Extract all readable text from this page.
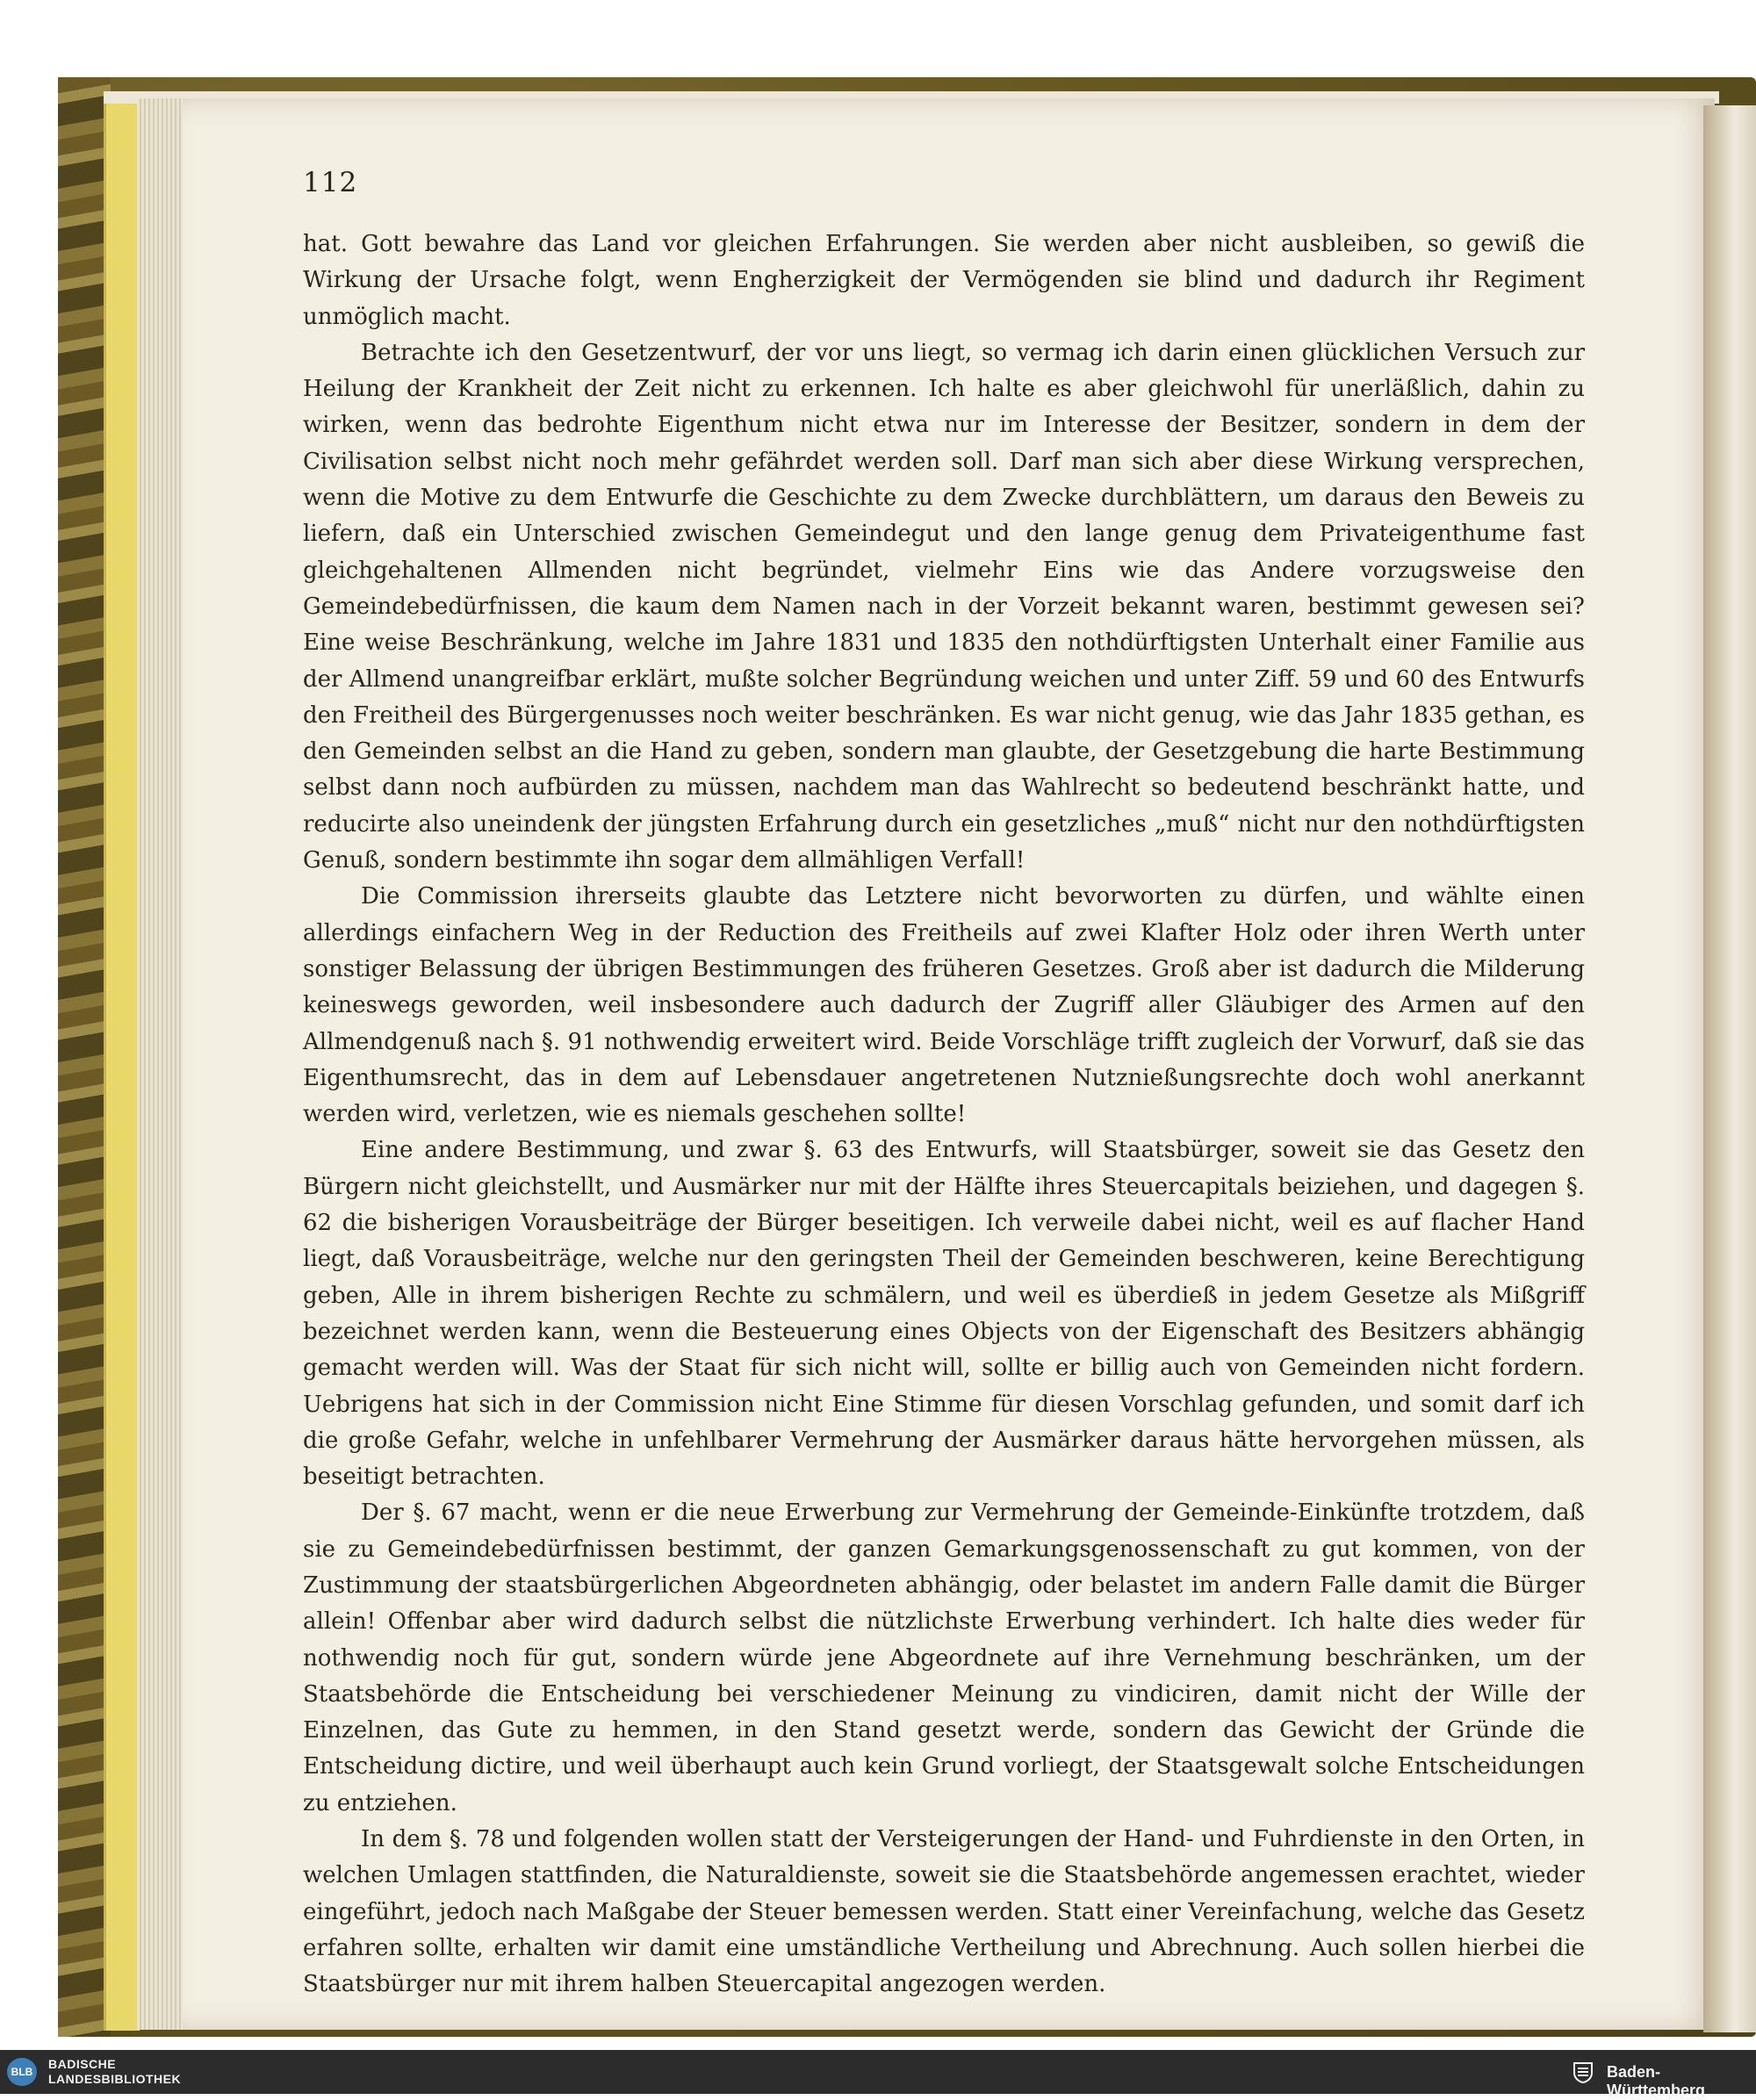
112

hat. Gott bewahre das Land vor gleichen Erfahrungen. Sie werden aber nicht ausbleiben, so gewiß die Wirkung der Ursache folgt, wenn Engherzigkeit der Vermögenden sie blind und dadurch ihr Regiment unmöglich macht.

Betrachte ich den Gesetzentwurf, der vor uns liegt, so vermag ich darin einen glücklichen Versuch zur Heilung der Krankheit der Zeit nicht zu erkennen. Ich halte es aber gleichwohl für unerläßlich, dahin zu wirken, wenn das bedrohte Eigenthum nicht etwa nur im Interesse der Besitzer, sondern in dem der Civilisation selbst nicht noch mehr gefährdet werden soll. Darf man sich aber diese Wirkung versprechen, wenn die Motive zu dem Entwurfe die Geschichte zu dem Zwecke durchblättern, um daraus den Beweis zu liefern, daß ein Unterschied zwischen Gemeindegut und den lange genug dem Privateigenthume fast gleichgehaltenen Allmenden nicht begründet, vielmehr Eins wie das Andere vorzugsweise den Gemeindebedürfnissen, die kaum dem Namen nach in der Vorzeit bekannt waren, bestimmt gewesen sei? Eine weise Beschränkung, welche im Jahre 1831 und 1835 den nothdürftigsten Unterhalt einer Familie aus der Allmend unangreifbar erklärt, mußte solcher Begründung weichen und unter Ziff. 59 und 60 des Entwurfs den Freitheil des Bürgergenusses noch weiter beschränken. Es war nicht genug, wie das Jahr 1835 gethan, es den Gemeinden selbst an die Hand zu geben, sondern man glaubte, der Gesetzgebung die harte Bestimmung selbst dann noch aufbürden zu müssen, nachdem man das Wahlrecht so bedeutend beschränkt hatte, und reducirte also uneindenk der jüngsten Erfahrung durch ein gesetzliches „muß“ nicht nur den nothdürftigsten Genuß, sondern bestimmte ihn sogar dem allmähligen Verfall!

Die Commission ihrerseits glaubte das Letztere nicht bevorworten zu dürfen, und wählte einen allerdings einfachern Weg in der Reduction des Freitheils auf zwei Klafter Holz oder ihren Werth unter sonstiger Belassung der übrigen Bestimmungen des früheren Gesetzes. Groß aber ist dadurch die Milderung keineswegs geworden, weil insbesondere auch dadurch der Zugriff aller Gläubiger des Armen auf den Allmendgenuß nach §. 91 nothwendig erweitert wird. Beide Vorschläge trifft zugleich der Vorwurf, daß sie das Eigenthumsrecht, das in dem auf Lebensdauer angetretenen Nutznießungsrechte doch wohl anerkannt werden wird, verletzen, wie es niemals geschehen sollte!

Eine andere Bestimmung, und zwar §. 63 des Entwurfs, will Staatsbürger, soweit sie das Gesetz den Bürgern nicht gleichstellt, und Ausmärker nur mit der Hälfte ihres Steuercapitals beiziehen, und dagegen §. 62 die bisherigen Vorausbeiträge der Bürger beseitigen. Ich verweile dabei nicht, weil es auf flacher Hand liegt, daß Vorausbeiträge, welche nur den geringsten Theil der Gemeinden beschweren, keine Berechtigung geben, Alle in ihrem bisherigen Rechte zu schmälern, und weil es überdieß in jedem Gesetze als Mißgriff bezeichnet werden kann, wenn die Besteuerung eines Objects von der Eigenschaft des Besitzers abhängig gemacht werden will. Was der Staat für sich nicht will, sollte er billig auch von Gemeinden nicht fordern. Uebrigens hat sich in der Commission nicht Eine Stimme für diesen Vorschlag gefunden, und somit darf ich die große Gefahr, welche in unfehlbarer Vermehrung der Ausmärker daraus hätte hervorgehen müssen, als beseitigt betrachten.

Der §. 67 macht, wenn er die neue Erwerbung zur Vermehrung der Gemeinde-Einkünfte trotzdem, daß sie zu Gemeindebedürfnissen bestimmt, der ganzen Gemarkungsgenossenschaft zu gut kommen, von der Zustimmung der staatsbürgerlichen Abgeordneten abhängig, oder belastet im andern Falle damit die Bürger allein! Offenbar aber wird dadurch selbst die nützlichste Erwerbung verhindert. Ich halte dies weder für nothwendig noch für gut, sondern würde jene Abgeordnete auf ihre Vernehmung beschränken, um der Staatsbehörde die Entscheidung bei verschiedener Meinung zu vindiciren, damit nicht der Wille der Einzelnen, das Gute zu hemmen, in den Stand gesetzt werde, sondern das Gewicht der Gründe die Entscheidung dictire, und weil überhaupt auch kein Grund vorliegt, der Staatsgewalt solche Entscheidungen zu entziehen.

In dem §. 78 und folgenden wollen statt der Versteigerungen der Hand- und Fuhrdienste in den Orten, in welchen Umlagen stattfinden, die Naturaldienste, soweit sie die Staatsbehörde angemessen erachtet, wieder eingeführt, jedoch nach Maßgabe der Steuer bemessen werden. Statt einer Vereinfachung, welche das Gesetz erfahren sollte, erhalten wir damit eine umständliche Vertheilung und Abrechnung. Auch sollen hierbei die Staatsbürger nur mit ihrem halben Steuercapital angezogen werden.

BLB
BADISCHE
LANDESBIBLIOTHEK	Baden-Württemberg
